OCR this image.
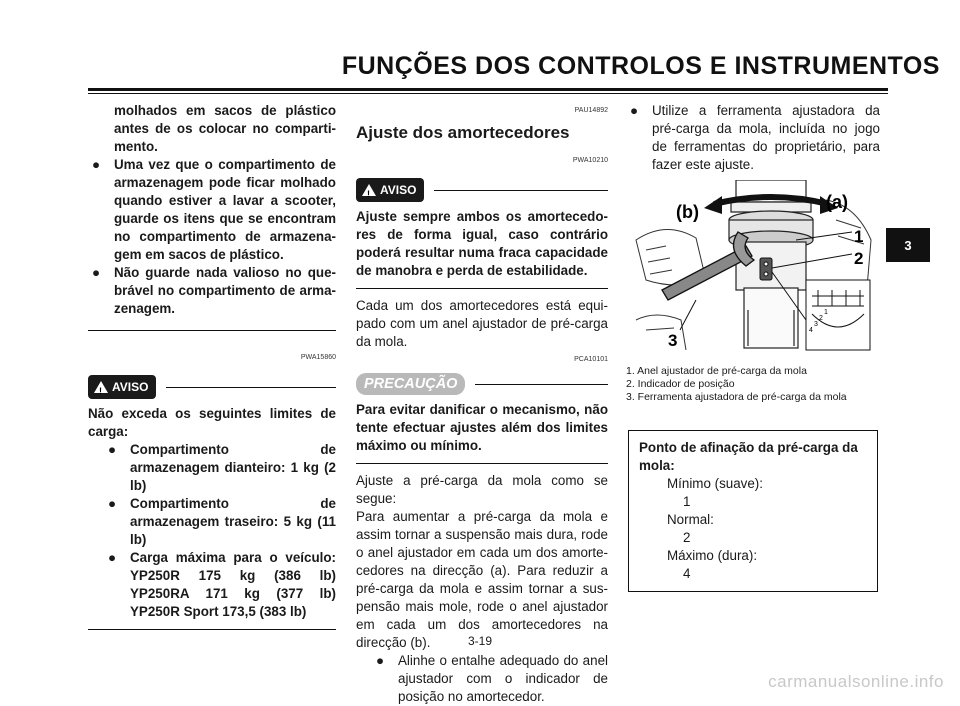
FUNÇÕES DOS CONTROLOS E INSTRUMENTOS
3
molhados em sacos de plástico antes de os colocar no comparti-mento.
● Uma vez que o compartimento de armazenagem pode ficar molhado quando estiver a lavar a scooter, guarde os itens que se encontram no compartimento de armazena-gem em sacos de plástico.
● Não guarde nada valioso no que-brável no compartimento de arma-zenagem.
PWA15860
! AVISO
Não exceda os seguintes limites de carga:
● Compartimento de armazenagem dianteiro: 1 kg (2 lb)
● Compartimento de armazenagem traseiro: 5 kg (11 lb)
● Carga máxima para o veículo: YP250R 175 kg (386 lb) YP250RA 171 kg (377 lb) YP250R Sport 173,5 (383 lb)
PAU14892
Ajuste dos amortecedores
PWA10210
! AVISO
Ajuste sempre ambos os amortecedo-res de forma igual, caso contrário poderá resultar numa fraca capacidade de manobra e perda de estabilidade.
Cada um dos amortecedores está equi-pado com um anel ajustador de pré-carga da mola.
PCA10101
PRECAUÇÃO
Para evitar danificar o mecanismo, não tente efectuar ajustes além dos limites máximo ou mínimo.
Ajuste a pré-carga da mola como se segue:
Para aumentar a pré-carga da mola e assim tornar a suspensão mais dura, rode o anel ajustador em cada um dos amorte-cedores na direcção (a). Para reduzir a pré-carga da mola e assim tornar a sus-pensão mais mole, rode o anel ajustador em cada um dos amortecedores na direcção (b).
● Alinhe o entalhe adequado do anel ajustador com o indicador de posição no amortecedor.
● Utilize a ferramenta ajustadora da pré-carga da mola, incluída no jogo de ferramentas do proprietário, para fazer este ajuste.
4
3
2
1
(a)
(b)
1
2
3
1. Anel ajustador de pré-carga da mola
2. Indicador de posição
3. Ferramenta ajustadora de pré-carga da mola
Ponto de afinação da pré-carga da mola:
Mínimo (suave):
1
Normal:
2
Máximo (dura):
4
3-19
carmanualsonline.info
